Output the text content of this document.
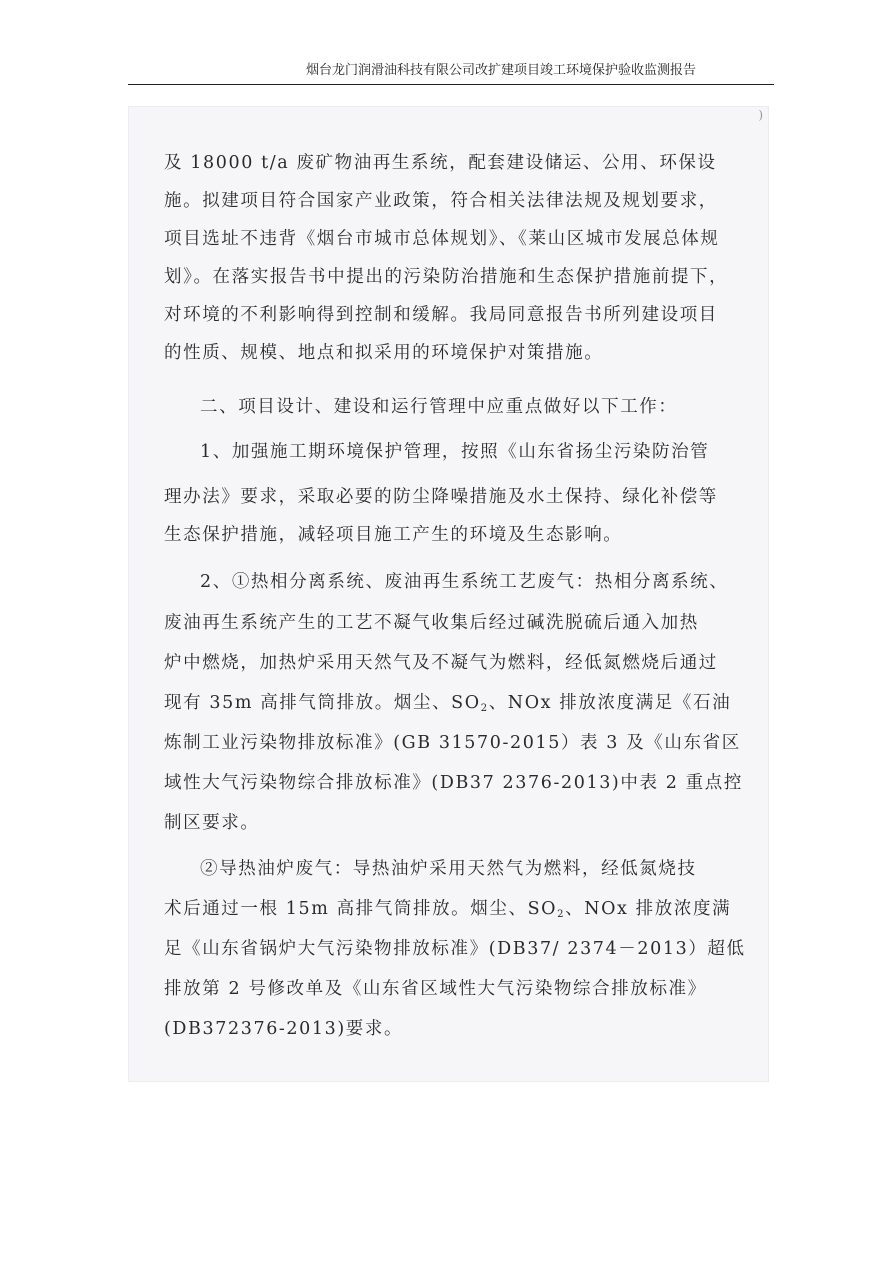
烟台龙门润滑油科技有限公司改扩建项目竣工环境保护验收监测报告
)
及 18000 t/a 废矿物油再生系统，配套建设储运、公用、环保设
施。拟建项目符合国家产业政策，符合相关法律法规及规划要求，
项目选址不违背《烟台市城市总体规划》、《莱山区城市发展总体规
划》。在落实报告书中提出的污染防治措施和生态保护措施前提下，
对环境的不利影响得到控制和缓解。我局同意报告书所列建设项目
的性质、规模、地点和拟采用的环境保护对策措施。
二、项目设计、建设和运行管理中应重点做好以下工作：
1、加强施工期环境保护管理，按照《山东省扬尘污染防治管
理办法》要求，采取必要的防尘降噪措施及水土保持、绿化补偿等
生态保护措施，减轻项目施工产生的环境及生态影响。
2、①热相分离系统、废油再生系统工艺废气：热相分离系统、
废油再生系统产生的工艺不凝气收集后经过碱洗脱硫后通入加热
炉中燃烧，加热炉采用天然气及不凝气为燃料，经低氮燃烧后通过
现有 35m 高排气筒排放。烟尘、SO2、NOx 排放浓度满足《石油
炼制工业污染物排放标准》(GB 31570-2015）表 3 及《山东省区
域性大气污染物综合排放标准》(DB37 2376-2013)中表 2 重点控
制区要求。
②导热油炉废气：导热油炉采用天然气为燃料，经低氮烧技
术后通过一根 15m 高排气筒排放。烟尘、SO2、NOx 排放浓度满
足《山东省锅炉大气污染物排放标准》(DB37/ 2374－2013）超低
排放第 2 号修改单及《山东省区域性大气污染物综合排放标准》
(DB372376-2013)要求。
